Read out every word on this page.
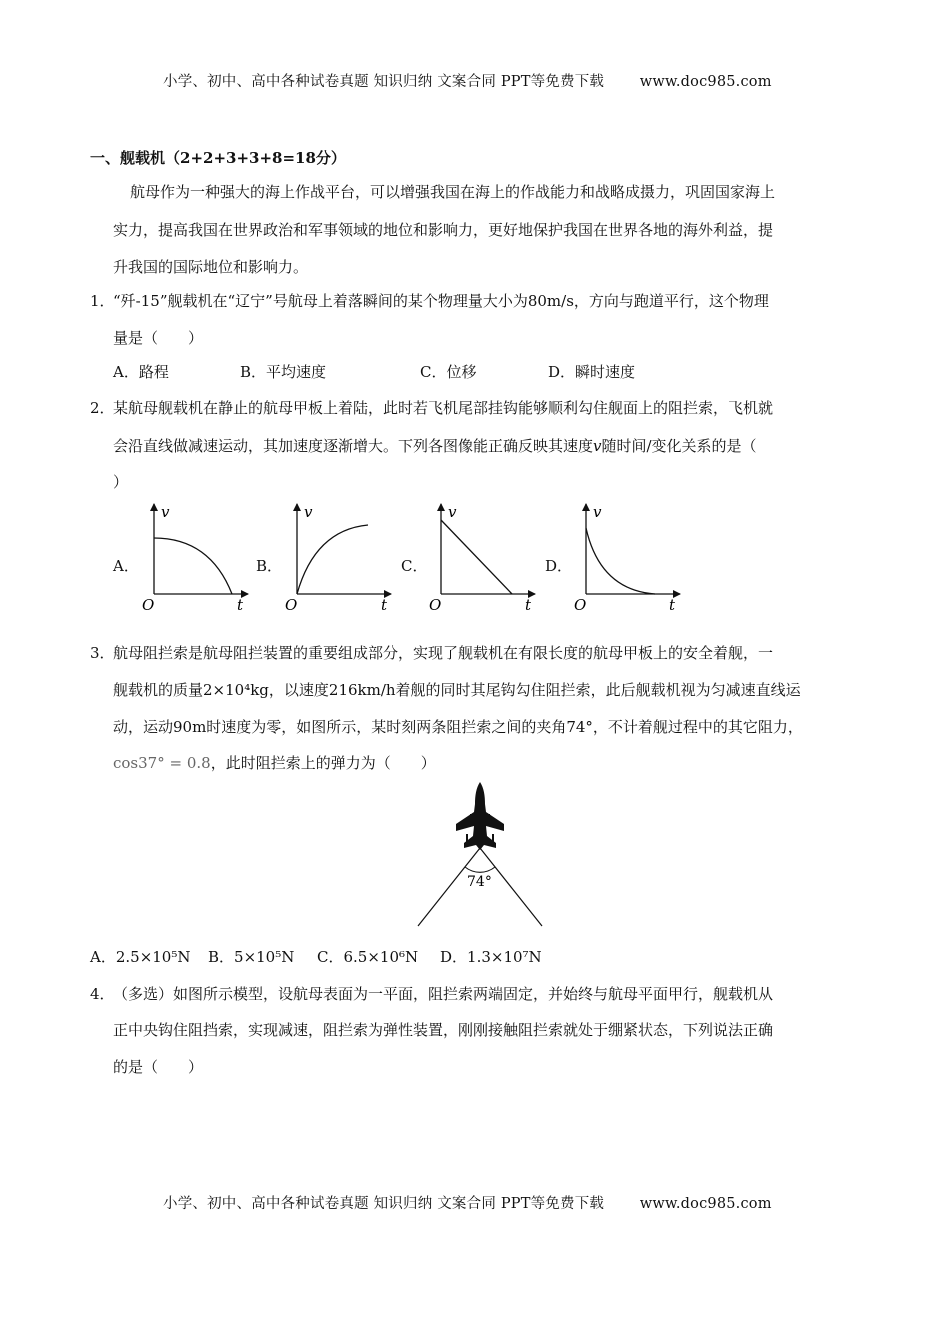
小学、初中、高中各种试卷真题 知识归纳 文案合同 PPT等免费下载 www.doc985.com
一、舰载机（2+2+3+3+8=18分）
航母作为一种强大的海上作战平台，可以增强我国在海上的作战能力和战略成摄力，巩固国家海上
实力，提高我国在世界政治和军事领域的地位和影响力，更好地保护我国在世界各地的海外利益，提
升我国的国际地位和影响力。
1．
“歼-15”舰载机在“辽宁”号航母上着落瞬间的某个物理量大小为80m/s，方向与跑道平行，这个物理
量是（　　）
A．路程	B．平均速度	C．位移	D．瞬时速度
2．
某航母舰载机在静止的航母甲板上着陆，此时若飞机尾部挂钩能够顺利勾住舰面上的阻拦索，飞机就
会沿直线做减速运动，其加速度逐渐增大。下列各图像能正确反映其速度v随时间/变化关系的是（
）
A．	B．	C．	D．
v
O	t
v
O	t
v
O	t
v
O	t
3．
航母阻拦索是航母阻拦装置的重要组成部分，实现了舰载机在有限长度的航母甲板上的安全着舰，一
舰载机的质量2×10⁴kg，以速度216km/h着舰的同时其尾钩勾住阻拦索，此后舰载机视为匀减速直线运
动，运动90m时速度为零，如图所示，某时刻两条阻拦索之间的夹角74°，不计着舰过程中的其它阻力，
cos37° = 0.8，此时阻拦索上的弹力为（　　）
74°
A．2.5×10⁵N B．5×10⁵N C．6.5×10⁶N D．1.3×10⁷N
4．
（多选）如图所示模型，设航母表面为一平面，阻拦索两端固定，并始终与航母平面甲行，舰载机从
正中央钩住阻挡索，实现减速，阻拦索为弹性装置，刚刚接触阻拦索就处于绷紧状态，下列说法正确
的是（　　）
小学、初中、高中各种试卷真题 知识归纳 文案合同 PPT等免费下载 www.doc985.com
